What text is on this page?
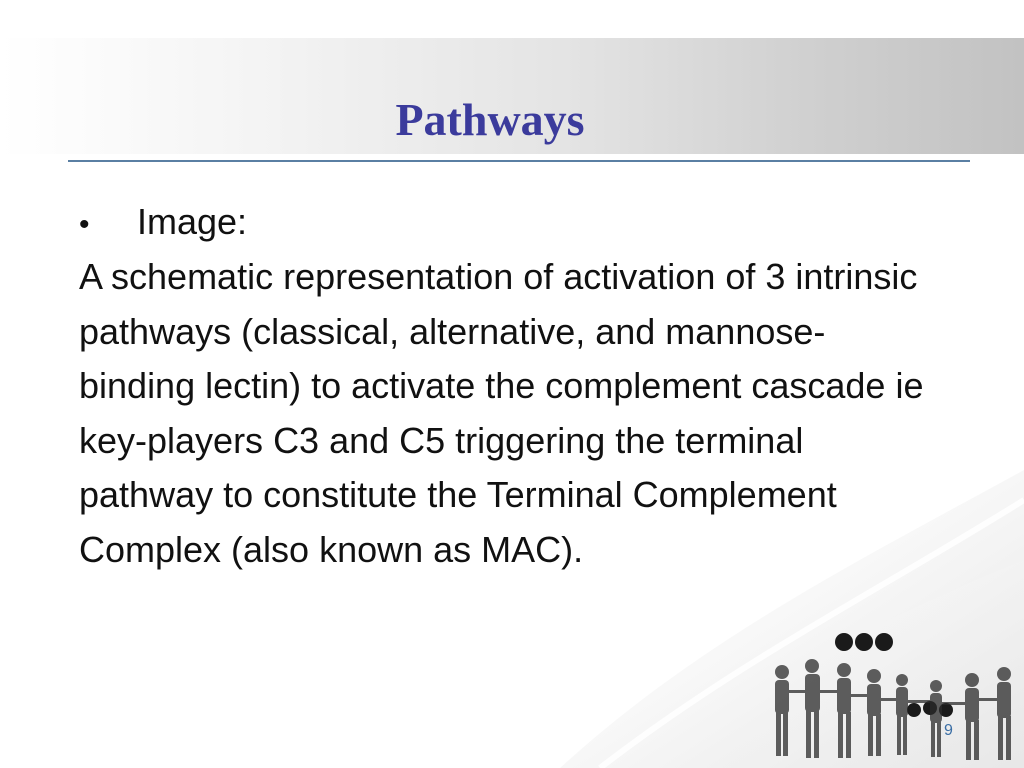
Pathways
•	Image:

A schematic representation of activation of 3 intrinsic pathways (classical, alternative, and mannose-binding lectin) to activate the complement cascade ie key-players C3 and C5 triggering the terminal pathway to constitute the Terminal Complement Complex (also known as MAC).

9
